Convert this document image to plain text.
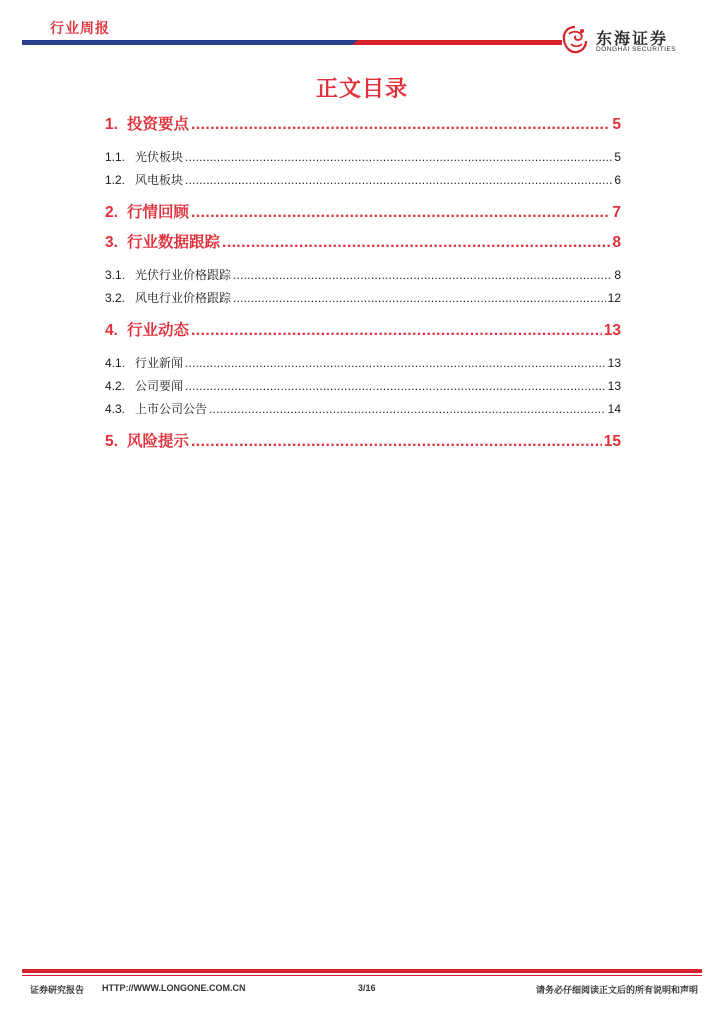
行业周报
东海证券
DONGHAI SECURITIES
正文目录
1. 投资要点 .....	5
1.1. 光伏板块 .....	5
1.2. 风电板块 .....	6
2. 行情回顾 .....	7
3. 行业数据跟踪 .....	8
3.1. 光伏行业价格跟踪 .....	8
3.2. 风电行业价格跟踪 .....	12
4. 行业动态 .....	13
4.1. 行业新闻 .....	13
4.2. 公司要闻 .....	13
4.3. 上市公司公告 .....	14
5. 风险提示 .....	15
证券研究报告 HTTP://WWW.LONGONE.COM.CN	3/16	请务必仔细阅读正文后的所有说明和声明
